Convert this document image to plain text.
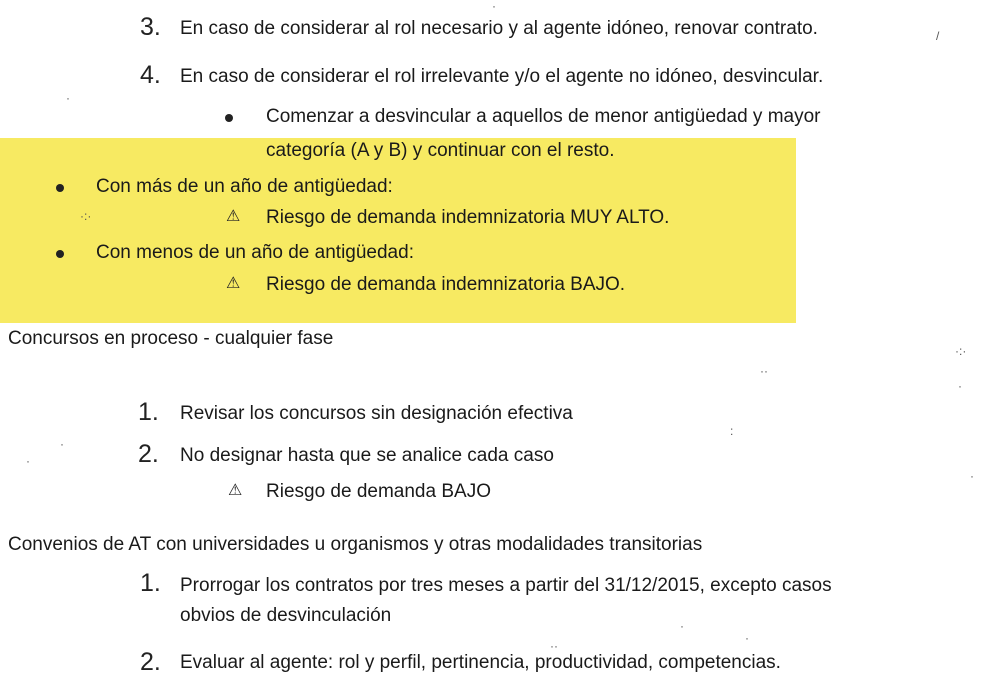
3. En caso de considerar al rol necesario y al agente idóneo, renovar contrato.
4. En caso de considerar el rol irrelevante y/o el agente no idóneo, desvincular.
Comenzar a desvincular a aquellos de menor antigüedad y mayor
categoría (A y B) y continuar con el resto.
Con más de un año de antigüedad:
⚠ Riesgo de demanda indemnizatoria MUY ALTO.
Con menos de un año de antigüedad:
⚠ Riesgo de demanda indemnizatoria BAJO.
Concursos en proceso - cualquier fase
1. Revisar los concursos sin designación efectiva
2. No designar hasta que se analice cada caso
⚠ Riesgo de demanda BAJO
Convenios de AT con universidades u organismos y otras modalidades transitorias
1. Prorrogar los contratos por tres meses a partir del 31/12/2015, excepto casos
obvios de desvinculación
2. Evaluar al agente: rol y perfil, pertinencia, productividad, competencias.
·
/
·
·:·
·:·
··
·
:
·
·
·
··
·
·
